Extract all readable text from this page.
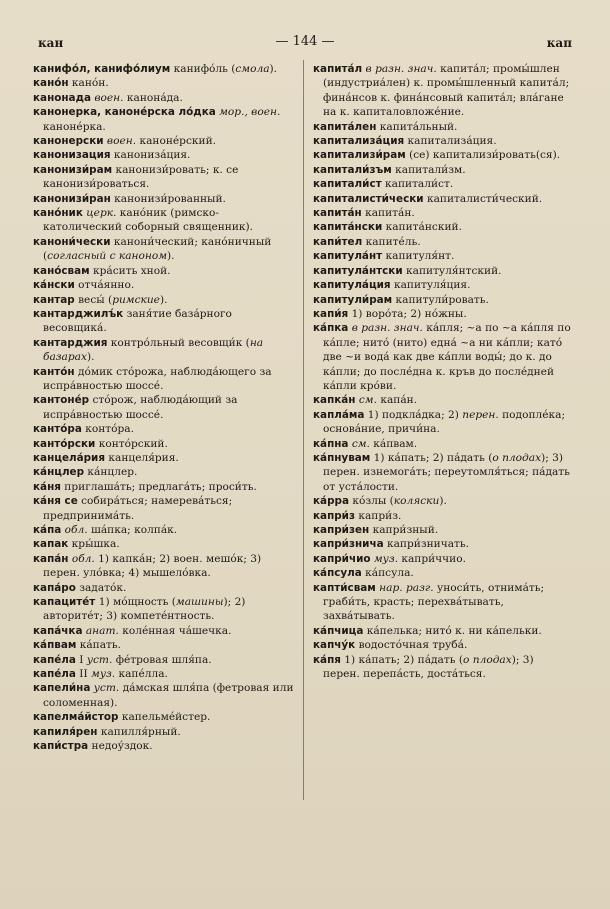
кан	— 144 —	кап

канифо́л, канифо́лиум канифо́ль (смола).

кано́н кано́н.

канонада воен. канона́да.

канонерка, каноне́рска ло́дка мор., воен. каноне́рка.

канонерски воен. каноне́рский.

канонизация канониза́ция.

канонизи́рам канонизи́ровать; к. се канонизи́роваться.

канонизи́ран канонизи́рованный.

кано́ник церк. кано́ник (римско-католический соборный священник).

канони́чески канони́ческий; кано́ничный (согласный с каноном).

кано́свам кра́сить хной.

ка́нски отча́янно.

кантар весы́ (римские).

кантарджилъ́к заня́тие база́рного весовщика́.

кантарджия контро́льный весовщи́к (на базарах).

канто́н до́мик сто́рожа, наблюда́ющего за испра́вностью шоссе́.

кантоне́р сто́рож, наблюда́ющий за испра́вностью шоссе́.

канто́ра конто́ра.

канто́рски конто́рский.

канцела́рия канцеля́рия.

ка́нцлер ка́нцлер.

ка́ня приглаша́ть; предлага́ть; проси́ть.

ка́ня се собира́ться; намерева́ться; предпринима́ть.

ка́па обл. ша́пка; колпа́к.

капак кры́шка.

капа́н обл. 1) капка́н; 2) воен. мешо́к; 3) перен. уло́вка; 4) мышело́вка.

капа́ро задато́к.

капаците́т 1) мо́щность (машины); 2) авторите́т; 3) компете́нтность.

капа́чка анат. коле́нная ча́шечка.

ка́пвам ка́пать.

капе́ла I уст. фе́тровая шля́па.

капе́ла II муз. капе́лла.

капели́на уст. да́мская шля́па (фетровая или соломенная).

капелма́йстор капельме́йстер.

капиля́рен капилля́рный.

капи́стра недоу́здок.

капита́л в разн. знач. капита́л; промы́шлен (индустриа́лен) к. промы́шленный капита́л; фина́нсов к. фина́нсовый капита́л; вла́гане на к. капиталовложе́ние.

капита́лен капита́льный.

капитализа́ция капитализа́ция.

капитализи́рам (се) капитализи́ровать(ся).

капитали́зъм капитали́зм.

капитали́ст капитали́ст.

капиталисти́чески капиталисти́ческий.

капита́н капита́н.

капита́нски капита́нский.

капи́тел капите́ль.

капитула́нт капитуля́нт.

капитула́нтски капитуля́нтский.

капитула́ция капитуля́ция.

капитули́рам капитули́ровать.

капи́я 1) воро́та; 2) но́жны.

ка́пка в разн. знач. ка́пля; ~а по ~а ка́пля по ка́пле; нито́ (нито) една́ ~а ни ка́пли; като́ две ~и вода́ как две ка́пли воды́; до к. до ка́пли; до после́дна к. кръв до после́дней ка́пли кро́ви.

капка́н см. капа́н.

капла́ма 1) подкла́дка; 2) перен. подопле́ка; основа́ние, причи́на.

ка́пна см. ка́пвам.

ка́пнувам 1) ка́пать; 2) па́дать (о плодах); 3) перен. изнемога́ть; переутомля́ться; па́дать от уста́лости.

ка́pра ко́злы (коляски).

капри́з капри́з.

капри́зен капри́зный.

капри́знича капри́зничать.

капри́чио муз. капри́ччио.

ка́псула ка́псула.

капти́свам нар. разг. уноси́ть, отнима́ть; граби́ть, красть; перехва́тывать, захва́тывать.

ка́пчица ка́пелька; нито́ к. ни ка́пельки.

капчу́к водосто́чная труба́.

ка́пя 1) ка́пать; 2) па́дать (о плодах); 3) перен. перепа́сть, доста́ться.
